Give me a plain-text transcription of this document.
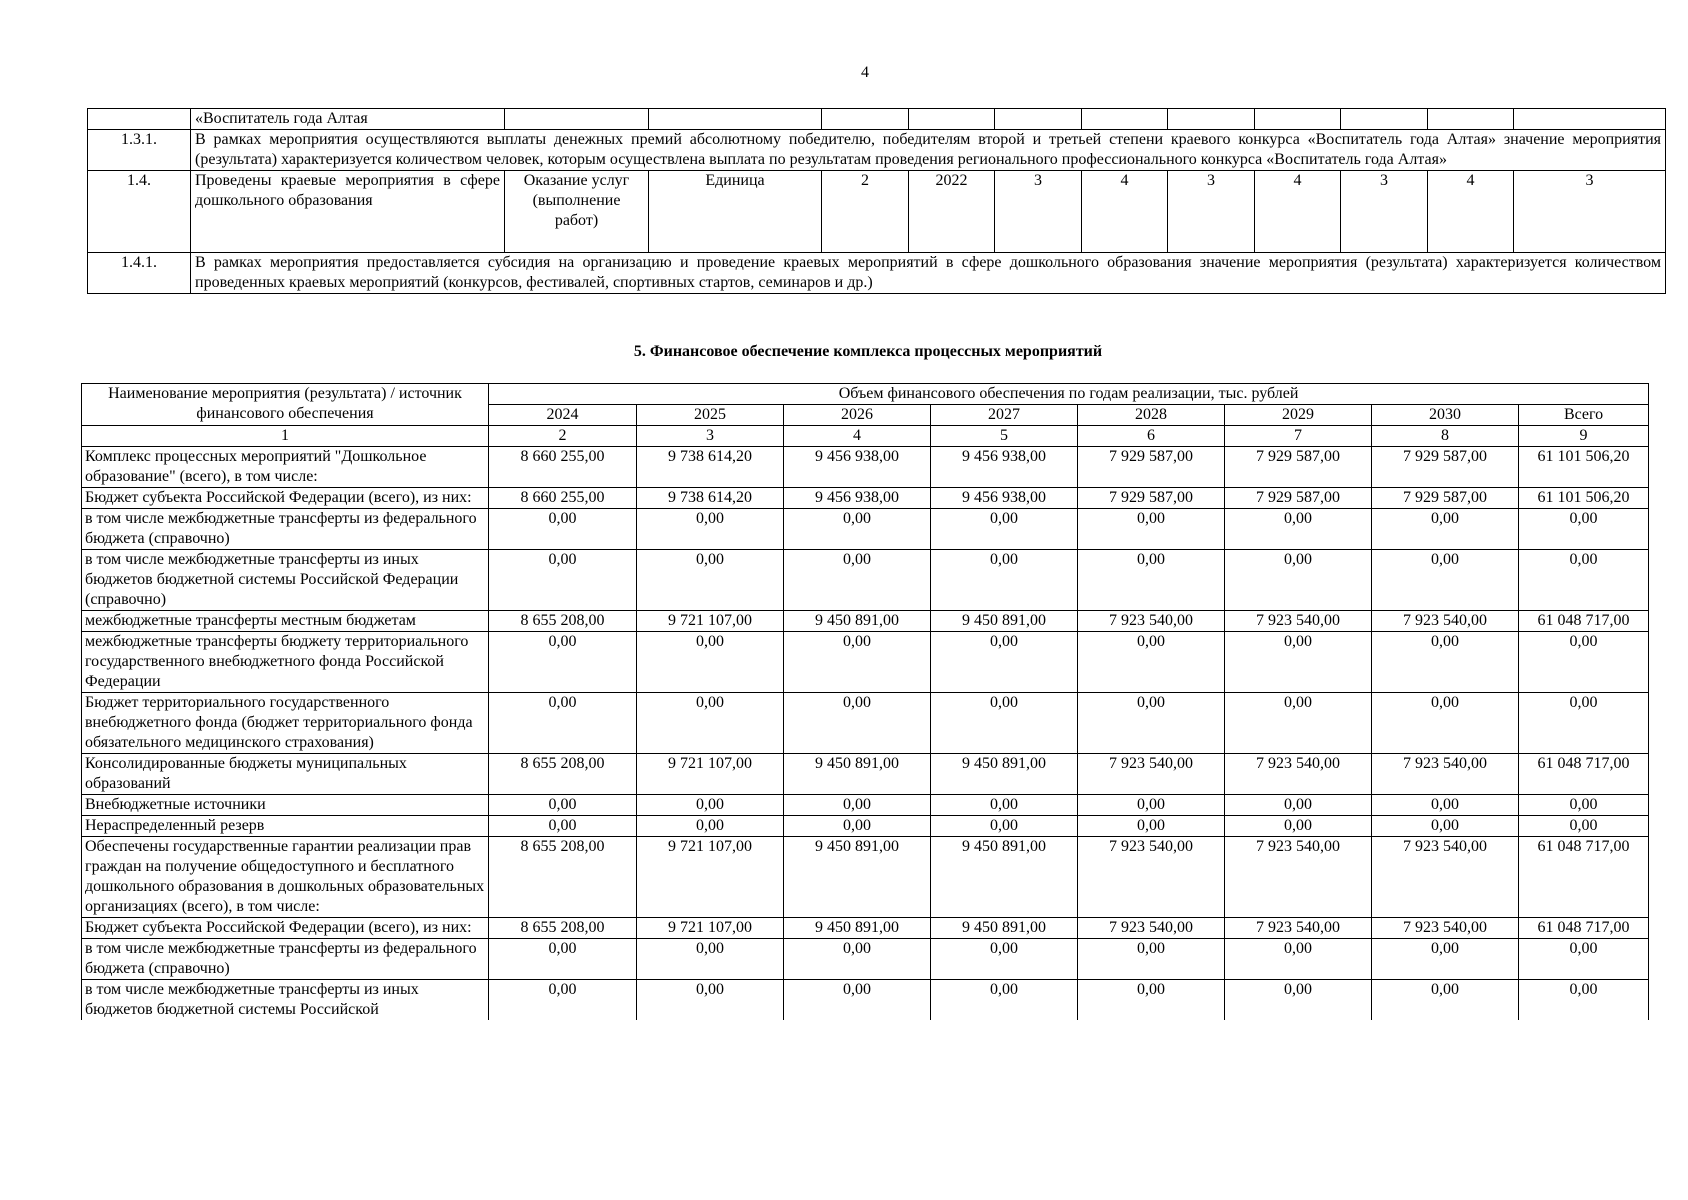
4
	«Воспитатель года Алтая											
1.3.1.	В рамках мероприятия осуществляются выплаты денежных премий абсолютному победителю, победителям второй и третьей степени краевого конкурса «Воспитатель года Алтая» значение мероприятия (результата) характеризуется количеством человек, которым осуществлена выплата по результатам проведения регионального профессионального конкурса «Воспитатель года Алтая»											
1.4.	Проведены краевые мероприятия в сфере дошкольного образования	Оказание услуг (выполнение работ)	Единица	2	2022	3	4	3	4	3	4	3
1.4.1.	В рамках мероприятия предоставляется субсидия на организацию и проведение краевых мероприятий в сфере дошкольного образования значение мероприятия (результата) характеризуется количеством проведенных краевых мероприятий (конкурсов, фестивалей, спортивных стартов, семинаров и др.)											
5. Финансовое обеспечение комплекса процессных мероприятий
Наименование мероприятия (результата) / источник финансового обеспечения	Объем финансового обеспечения по годам реализации, тыс. рублей							
	2024	2025	2026	2027	2028	2029	2030	Всего
1	2	3	4	5	6	7	8	9
Комплекс процессных мероприятий "Дошкольное образование" (всего), в том числе:	8 660 255,00	9 738 614,20	9 456 938,00	9 456 938,00	7 929 587,00	7 929 587,00	7 929 587,00	61 101 506,20
Бюджет субъекта Российской Федерации (всего), из них:	8 660 255,00	9 738 614,20	9 456 938,00	9 456 938,00	7 929 587,00	7 929 587,00	7 929 587,00	61 101 506,20
в том числе межбюджетные трансферты из федерального бюджета (справочно)	0,00	0,00	0,00	0,00	0,00	0,00	0,00	0,00
в том числе межбюджетные трансферты из иных бюджетов бюджетной системы Российской Федерации (справочно)	0,00	0,00	0,00	0,00	0,00	0,00	0,00	0,00
межбюджетные трансферты местным бюджетам	8 655 208,00	9 721 107,00	9 450 891,00	9 450 891,00	7 923 540,00	7 923 540,00	7 923 540,00	61 048 717,00
межбюджетные трансферты бюджету территориального государственного внебюджетного фонда Российской Федерации	0,00	0,00	0,00	0,00	0,00	0,00	0,00	0,00
Бюджет территориального государственного внебюджетного фонда (бюджет территориального фонда обязательного медицинского страхования)	0,00	0,00	0,00	0,00	0,00	0,00	0,00	0,00
Консолидированные бюджеты муниципальных образований	8 655 208,00	9 721 107,00	9 450 891,00	9 450 891,00	7 923 540,00	7 923 540,00	7 923 540,00	61 048 717,00
Внебюджетные источники	0,00	0,00	0,00	0,00	0,00	0,00	0,00	0,00
Нераспределенный резерв	0,00	0,00	0,00	0,00	0,00	0,00	0,00	0,00
Обеспечены государственные гарантии реализации прав граждан на получение общедоступного и бесплатного дошкольного образования в дошкольных образовательных организациях (всего), в том числе:	8 655 208,00	9 721 107,00	9 450 891,00	9 450 891,00	7 923 540,00	7 923 540,00	7 923 540,00	61 048 717,00
Бюджет субъекта Российской Федерации (всего), из них:	8 655 208,00	9 721 107,00	9 450 891,00	9 450 891,00	7 923 540,00	7 923 540,00	7 923 540,00	61 048 717,00
в том числе межбюджетные трансферты из федерального бюджета (справочно)	0,00	0,00	0,00	0,00	0,00	0,00	0,00	0,00
в том числе межбюджетные трансферты из иных бюджетов бюджетной системы Российской	0,00	0,00	0,00	0,00	0,00	0,00	0,00	0,00
